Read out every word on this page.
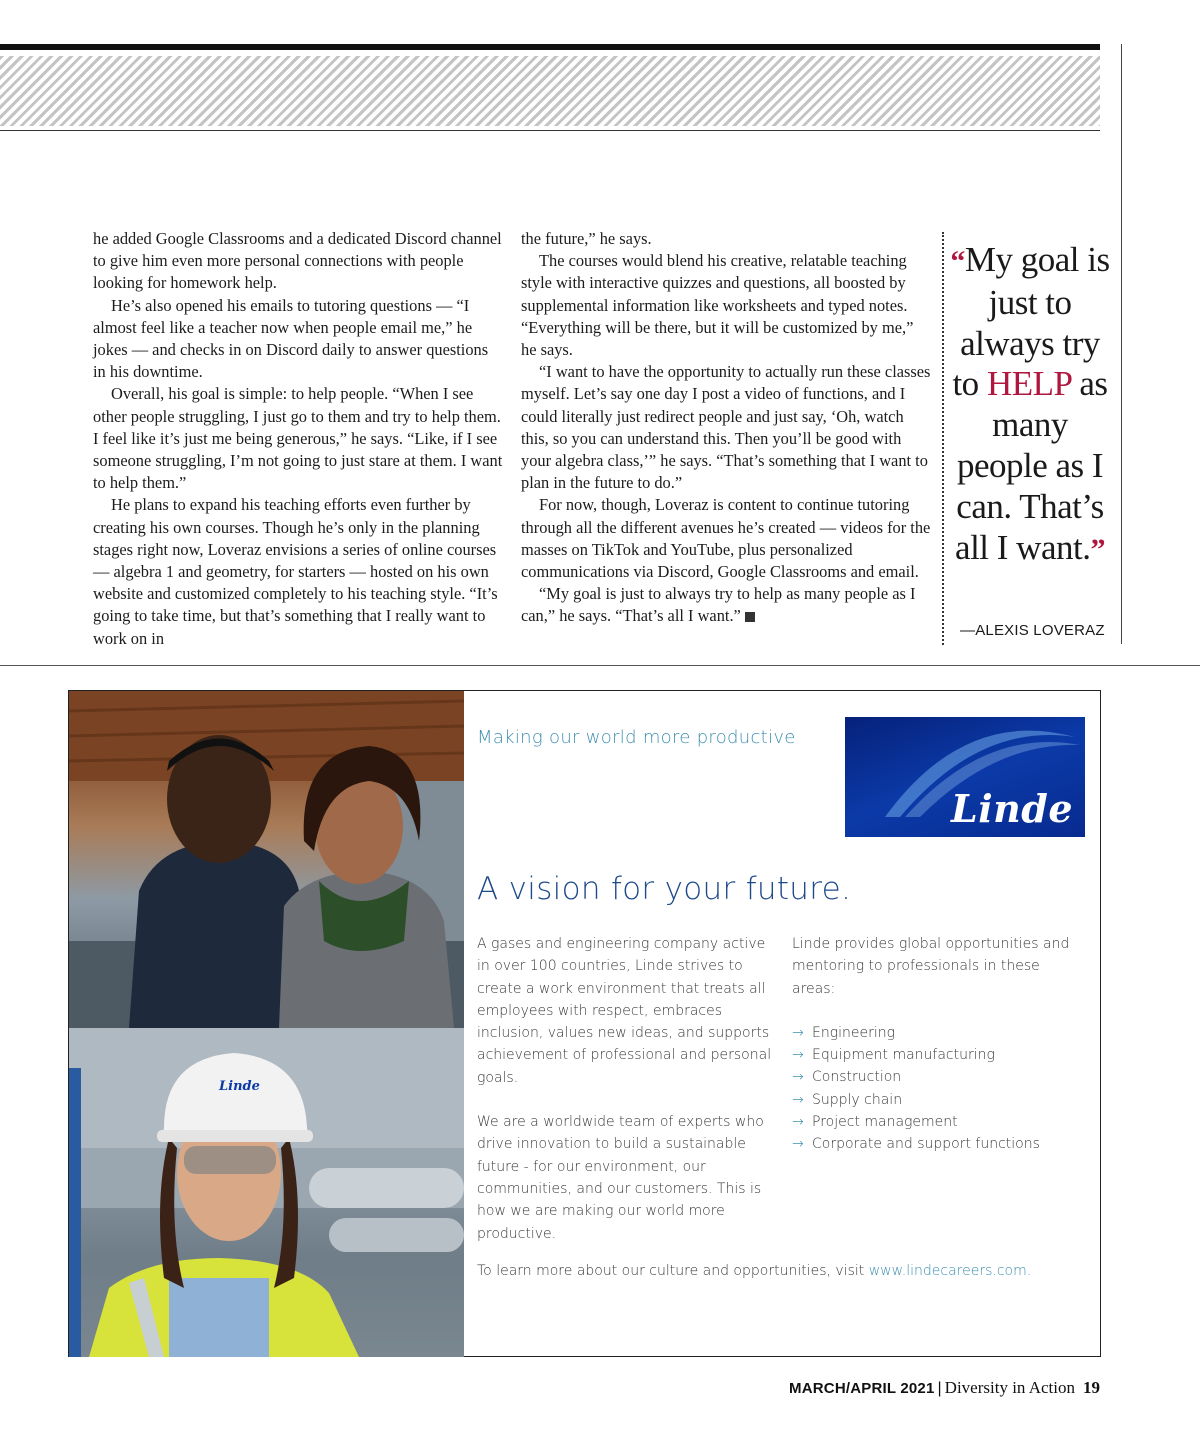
he added Google Classrooms and a dedicated Discord channel to give him even more personal connections with people looking for homework help.

He’s also opened his emails to tutoring questions — “I almost feel like a teacher now when people email me,” he jokes — and checks in on Discord daily to answer questions in his downtime.

Overall, his goal is simple: to help people. “When I see other people struggling, I just go to them and try to help them. I feel like it’s just me being generous,” he says. “Like, if I see someone struggling, I’m not going to just stare at them. I want to help them.”

He plans to expand his teaching efforts even further by creating his own courses. Though he’s only in the planning stages right now, Loveraz envisions a series of online courses — algebra 1 and geometry, for starters — hosted on his own website and customized completely to his teaching style. “It’s going to take time, but that’s something that I really want to work on in

the future,” he says.

The courses would blend his creative, relatable teaching style with interactive quizzes and questions, all boosted by supplemental information like worksheets and typed notes. “Everything will be there, but it will be customized by me,” he says.

“I want to have the opportunity to actually run these classes myself. Let’s say one day I post a video of functions, and I could literally just redirect people and just say, ‘Oh, watch this, so you can understand this. Then you’ll be good with your algebra class,’” he says. “That’s something that I want to plan in the future to do.”

For now, though, Loveraz is content to continue tutoring through all the different avenues he’s created — videos for the masses on TikTok and YouTube, plus personalized communications via Discord, Google Classrooms and email.

“My goal is just to always try to help as many people as I can,” he says. “That’s all I want.”

“My goal is just to always try to HELP as many people as I can. That’s all I want.”
—ALEXIS LOVERAZ
Linde
Making our world more productive
Linde
A vision for your future.

A gases and engineering company active in over 100 countries, Linde strives to create a work environment that treats all employees with respect, embraces inclusion, values new ideas, and supports achievement of professional and personal goals.

We are a worldwide team of experts who drive innovation to build a sustainable future - for our environment, our communities, and our customers. This is how we are making our world more productive.

Linde provides global opportunities and mentoring to professionals in these areas:

→ Engineering
→ Equipment manufacturing
→ Construction
→ Supply chain
→ Project management
→ Corporate and support functions
To learn more about our culture and opportunities, visit www.lindecareers.com.
MARCH/APRIL 2021 | Diversity in Action 19
